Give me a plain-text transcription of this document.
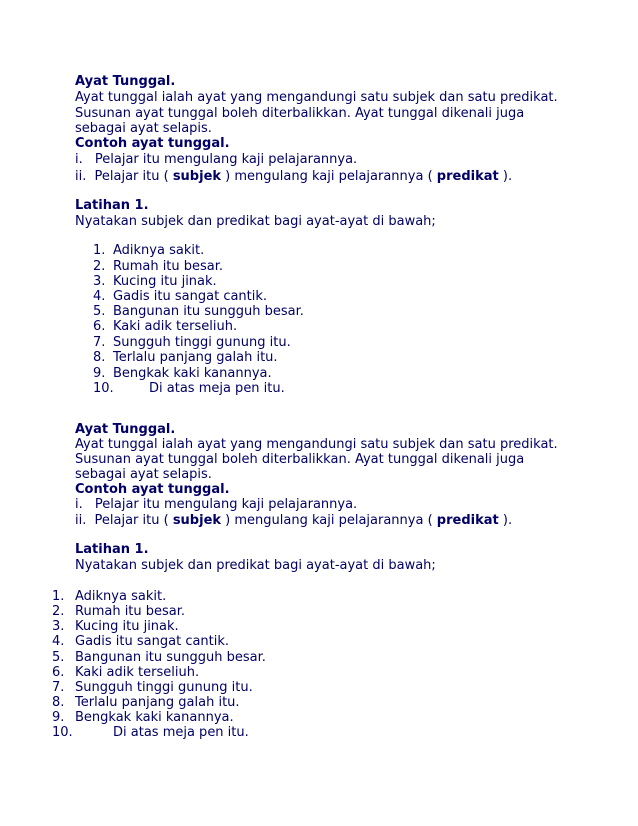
Ayat Tunggal.
Ayat tunggal ialah ayat yang mengandungi satu subjek dan satu predikat.
Susunan ayat tunggal boleh diterbalikkan. Ayat tunggal dikenali juga
sebagai ayat selapis.
Contoh ayat tunggal.
i. Pelajar itu mengulang kaji pelajarannya.
ii. Pelajar itu ( subjek ) mengulang kaji pelajarannya ( predikat ).
Latihan 1.
Nyatakan subjek dan predikat bagi ayat-ayat di bawah;
1. Adiknya sakit.
2. Rumah itu besar.
3. Kucing itu jinak.
4. Gadis itu sangat cantik.
5. Bangunan itu sungguh besar.
6. Kaki adik terseliuh.
7. Sungguh tinggi gunung itu.
8. Terlalu panjang galah itu.
9. Bengkak kaki kanannya.
10.	Di atas meja pen itu.
Ayat Tunggal.
Ayat tunggal ialah ayat yang mengandungi satu subjek dan satu predikat.
Susunan ayat tunggal boleh diterbalikkan. Ayat tunggal dikenali juga
sebagai ayat selapis.
Contoh ayat tunggal.
i. Pelajar itu mengulang kaji pelajarannya.
ii. Pelajar itu ( subjek ) mengulang kaji pelajarannya ( predikat ).
Latihan 1.
Nyatakan subjek dan predikat bagi ayat-ayat di bawah;
1. Adiknya sakit.
2. Rumah itu besar.
3. Kucing itu jinak.
4. Gadis itu sangat cantik.
5. Bangunan itu sungguh besar.
6. Kaki adik terseliuh.
7. Sungguh tinggi gunung itu.
8. Terlalu panjang galah itu.
9. Bengkak kaki kanannya.
10.	Di atas meja pen itu.
